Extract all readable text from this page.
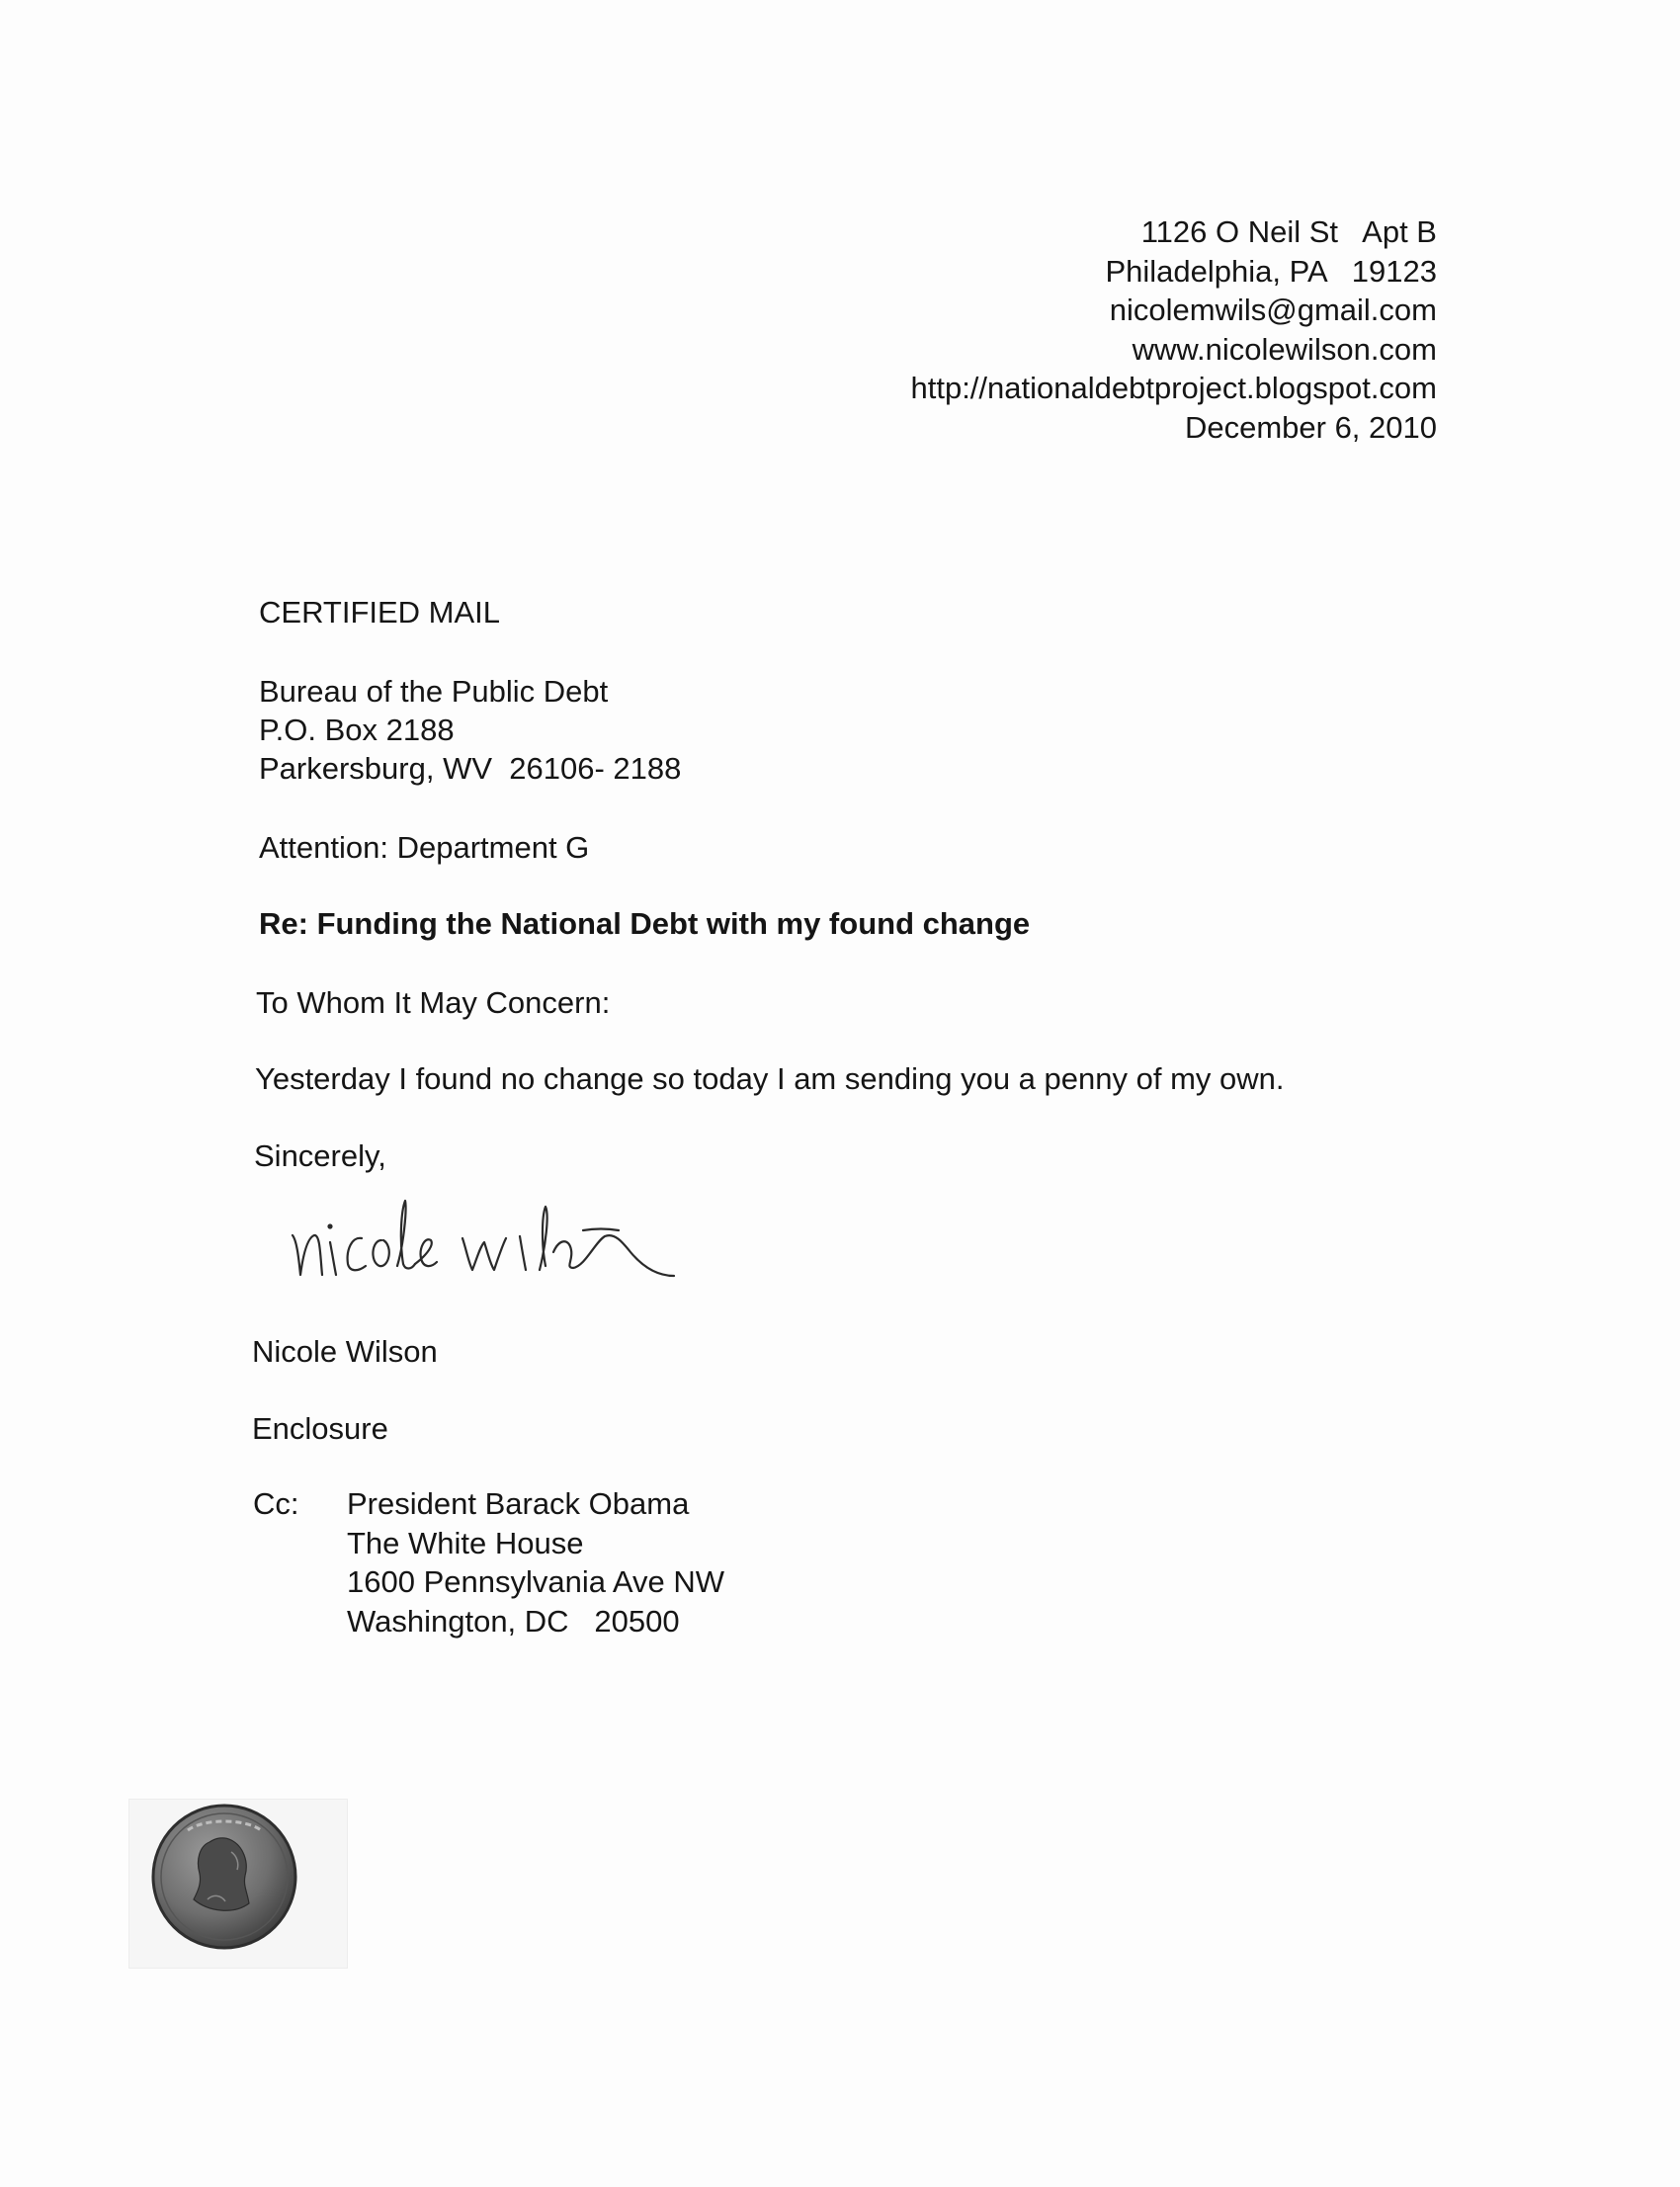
1126 O Neil St   Apt B
Philadelphia, PA   19123
nicolemwils@gmail.com
www.nicolewilson.com
http://nationaldebtproject.blogspot.com
December 6, 2010
CERTIFIED MAIL
Bureau of the Public Debt
P.O. Box 2188
Parkersburg, WV  26106- 2188
Attention: Department G
Re: Funding the National Debt with my found change
To Whom It May Concern:
Yesterday I found no change so today I am sending you a penny of my own.
Sincerely,
Nicole Wilson
Enclosure
Cc: President Barack Obama
The White House
1600 Pennsylvania Ave NW
Washington, DC   20500
